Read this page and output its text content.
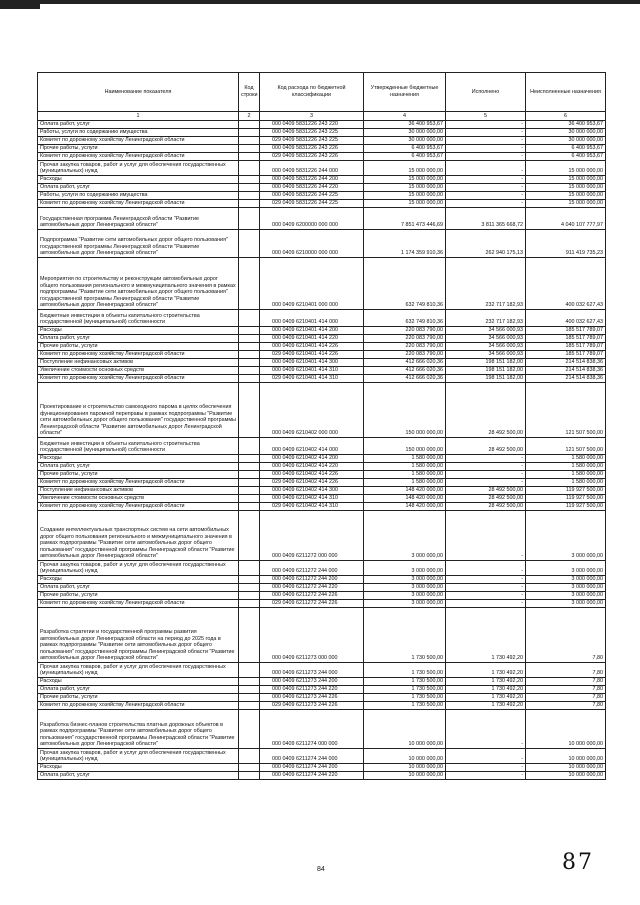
Наименование показателя	Код строки	Код расхода по бюджетной классификации	Утвержденные бюджетные назначения	Исполнено	Неисполненные назначения
1	2	3	4	5	6
Оплата работ, услуг		000 0409 5831226 243 220	36 400 953,67	-	36 400 953,67
Работы, услуги по содержанию имущества		000 0409 5831226 243 225	30 000 000,00	-	30 000 000,00
Комитет по дорожному хозяйству Ленинградской области		029 0409 5831226 243 225	30 000 000,00	-	30 000 000,00
Прочие работы, услуги		000 0409 5831226 243 226	6 400 953,67	-	6 400 953,67
Комитет по дорожному хозяйству Ленинградской области		029 0409 5831226 243 226	6 400 953,67	-	6 400 953,67
Прочая закупка товаров, работ и услуг для обеспечения государственных (муниципальных) нужд		000 0409 5831226 244 000	15 000 000,00	-	15 000 000,00
Расходы		000 0409 5831226 244 200	15 000 000,00	-	15 000 000,00
Оплата работ, услуг		000 0409 5831226 244 220	15 000 000,00	-	15 000 000,00
Работы, услуги по содержанию имущества		000 0409 5831226 244 225	15 000 000,00	-	15 000 000,00
Комитет по дорожному хозяйству Ленинградской области		029 0409 5831226 244 225	15 000 000,00	-	15 000 000,00
Государственная программа Ленинградской области "Развитие автомобильных дорог Ленинградской области"		000 0409 6200000 000 000	7 851 473 446,69	3 811 365 668,72	4 040 107 777,97
Подпрограмма "Развитие сети автомобильных дорог общего пользования" государственной программы Ленинградской области "Развитие автомобильных дорог Ленинградской области"		000 0409 6210000 000 000	1 174 359 910,36	262 940 175,13	911 419 735,23
Мероприятия по строительству и реконструкции автомобильных дорог общего пользования регионального и межмуниципального значения в рамках подпрограммы "Развитие сети автомобильных дорог общего пользования" государственной программы Ленинградской области "Развитие автомобильных дорог Ленинградской области"		000 0409 6210401 000 000	632 749 810,36	232 717 182,93	400 032 627,43
Бюджетные инвестиции в объекты капитального строительства государственной (муниципальной) собственности		000 0409 6210401 414 000	632 749 810,36	232 717 182,93	400 032 627,43
Расходы		000 0409 6210401 414 200	220 083 790,00	34 566 000,93	185 517 789,07
Оплата работ, услуг		000 0409 6210401 414 220	220 083 790,00	34 566 000,93	185 517 789,07
Прочие работы, услуги		000 0409 6210401 414 226	220 083 790,00	34 566 000,93	185 517 789,07
Комитет по дорожному хозяйству Ленинградской области		029 0409 6210401 414 226	220 083 790,00	34 566 000,93	185 517 789,07
Поступление нефинансовых активов		000 0409 6210401 414 300	412 666 020,36	198 151 182,00	214 514 838,36
Увеличение стоимости основных средств		000 0409 6210401 414 310	412 666 020,36	198 151 182,00	214 514 838,36
Комитет по дорожному хозяйству Ленинградской области		029 0409 6210401 414 310	412 666 020,36	198 151 182,00	214 514 838,36
Проектирование и строительство самоходного парома в целях обеспечения функционирования паромной переправы в рамках подпрограммы "Развитие сети автомобильных дорог общего пользования" государственной программы Ленинградской области "Развитие автомобильных дорог Ленинградской области"		000 0409 6210402 000 000	150 000 000,00	28 492 500,00	121 507 500,00
Бюджетные инвестиции в объекты капитального строительства государственной (муниципальной) собственности		000 0409 6210402 414 000	150 000 000,00	28 492 500,00	121 507 500,00
Расходы		000 0409 6210402 414 200	1 580 000,00	-	1 580 000,00
Оплата работ, услуг		000 0409 6210402 414 220	1 580 000,00	-	1 580 000,00
Прочие работы, услуги		000 0409 6210402 414 226	1 580 000,00	-	1 580 000,00
Комитет по дорожному хозяйству Ленинградской области		029 0409 6210402 414 226	1 580 000,00	-	1 580 000,00
Поступление нефинансовых активов		000 0409 6210402 414 300	148 420 000,00	28 492 500,00	119 927 500,00
Увеличение стоимости основных средств		000 0409 6210402 414 310	148 420 000,00	28 492 500,00	119 927 500,00
Комитет по дорожному хозяйству Ленинградской области		029 0409 6210402 414 310	148 420 000,00	28 492 500,00	119 927 500,00
Создание интеллектуальных транспортных систем на сети автомобильных дорог общего пользования регионального и межмуниципального значения в рамках подпрограммы "Развитие сети автомобильных дорог общего пользования" государственной программы Ленинградской области "Развитие автомобильных дорог Ленинградской области"		000 0409 6211272 000 000	3 000 000,00	-	3 000 000,00
Прочая закупка товаров, работ и услуг для обеспечения государственных (муниципальных) нужд		000 0409 6211272 244 000	3 000 000,00	-	3 000 000,00
Расходы		000 0409 6211272 244 200	3 000 000,00	-	3 000 000,00
Оплата работ, услуг		000 0409 6211272 244 220	3 000 000,00	-	3 000 000,00
Прочие работы, услуги		000 0409 6211272 244 226	3 000 000,00	-	3 000 000,00
Комитет по дорожному хозяйству Ленинградской области		029 0409 6211272 244 226	3 000 000,00	-	3 000 000,00
Разработка стратегии и государственной программы развития автомобильных дорог Ленинградской области на период до 2025 года в рамках подпрограммы "Развитие сети автомобильных дорог общего пользования" государственной программы Ленинградской области "Развитие автомобильных дорог Ленинградской области"		000 0409 6211273 000 000	1 730 500,00	1 730 492,20	7,80
Прочая закупка товаров, работ и услуг для обеспечения государственных (муниципальных) нужд		000 0409 6211273 244 000	1 730 500,00	1 730 492,20	7,80
Расходы		000 0409 6211273 244 200	1 730 500,00	1 730 492,20	7,80
Оплата работ, услуг		000 0409 6211273 244 220	1 730 500,00	1 730 492,20	7,80
Прочие работы, услуги		000 0409 6211273 244 226	1 730 500,00	1 730 492,20	7,80
Комитет по дорожному хозяйству Ленинградской области		029 0409 6211273 244 226	1 730 500,00	1 730 492,20	7,80
Разработка бизнес-планов строительства платных дорожных объектов в рамках подпрограммы "Развитие сети автомобильных дорог общего пользования" государственной программы Ленинградской области "Развитие автомобильных дорог Ленинградской области"		000 0409 6211274 000 000	10 000 000,00	-	10 000 000,00
Прочая закупка товаров, работ и услуг для обеспечения государственных (муниципальных) нужд		000 0409 6211274 244 000	10 000 000,00	-	10 000 000,00
Расходы		000 0409 6211274 244 200	10 000 000,00	-	10 000 000,00
Оплата работ, услуг		000 0409 6211274 244 220	10 000 000,00	-	10 000 000,00
84	87
